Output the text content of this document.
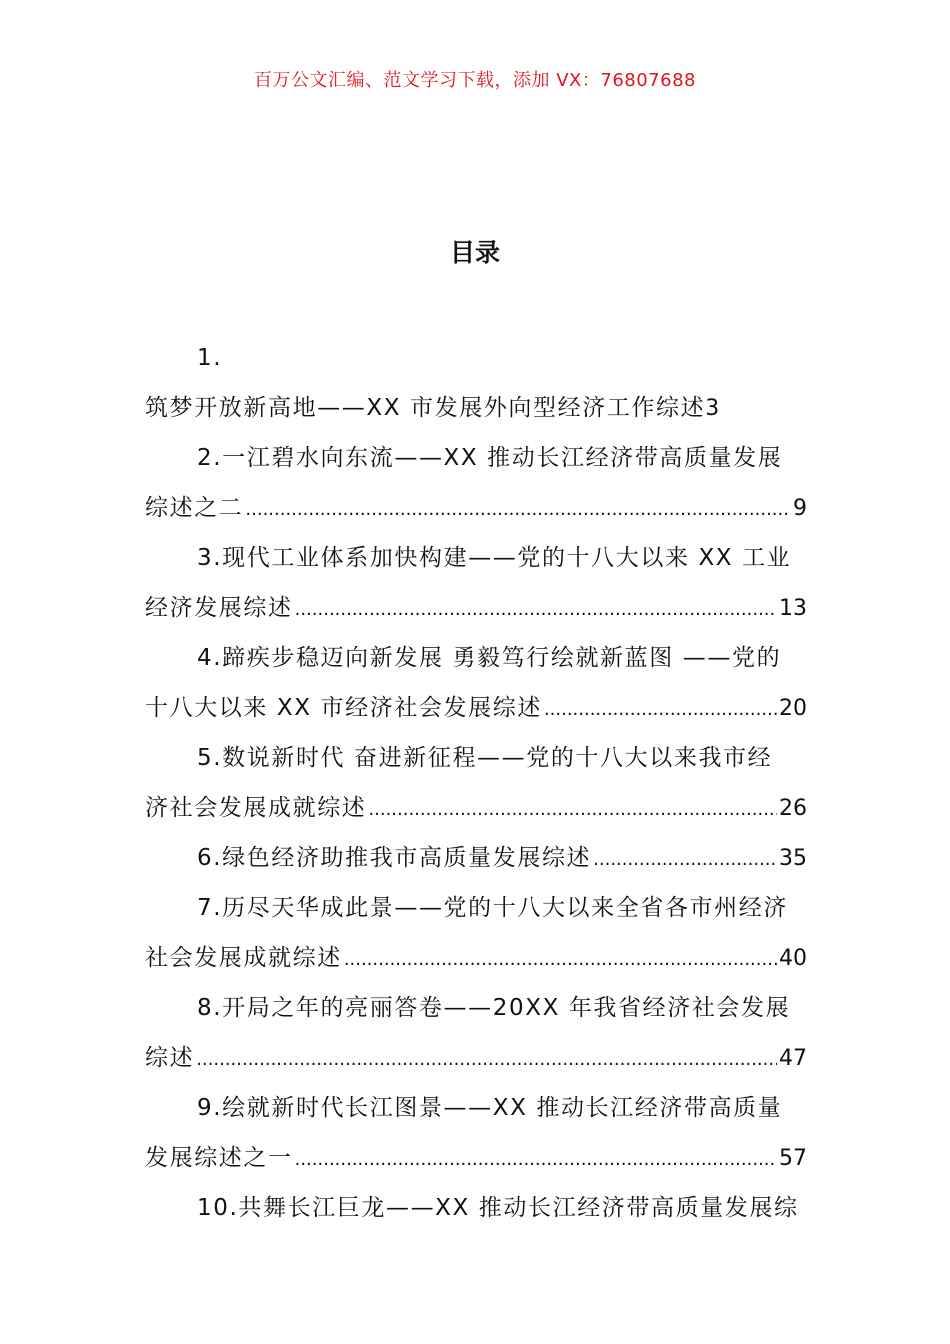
百万公文汇编、范文学习下载，添加 VX：76807688
目录
1.
筑梦开放新高地——XX 市发展外向型经济工作综述 3
2.一江碧水向东流——XX 推动长江经济带高质量发展
综述之二 .....	9
3.现代工业体系加快构建——党的十八大以来 XX 工业
经济发展综述 .....	13
4.蹄疾步稳迈向新发展 勇毅笃行绘就新蓝图 ——党的
十八大以来 XX 市经济社会发展综述 .....	20
5.数说新时代 奋进新征程——党的十八大以来我市经
济社会发展成就综述 .....	26
6.绿色经济助推我市高质量发展综述 .....	35
7.历尽天华成此景——党的十八大以来全省各市州经济
社会发展成就综述 .....	40
8.开局之年的亮丽答卷——20XX 年我省经济社会发展
综述 .....	47
9.绘就新时代长江图景——XX 推动长江经济带高质量
发展综述之一 .....	57
10.共舞长江巨龙——XX 推动长江经济带高质量发展综
